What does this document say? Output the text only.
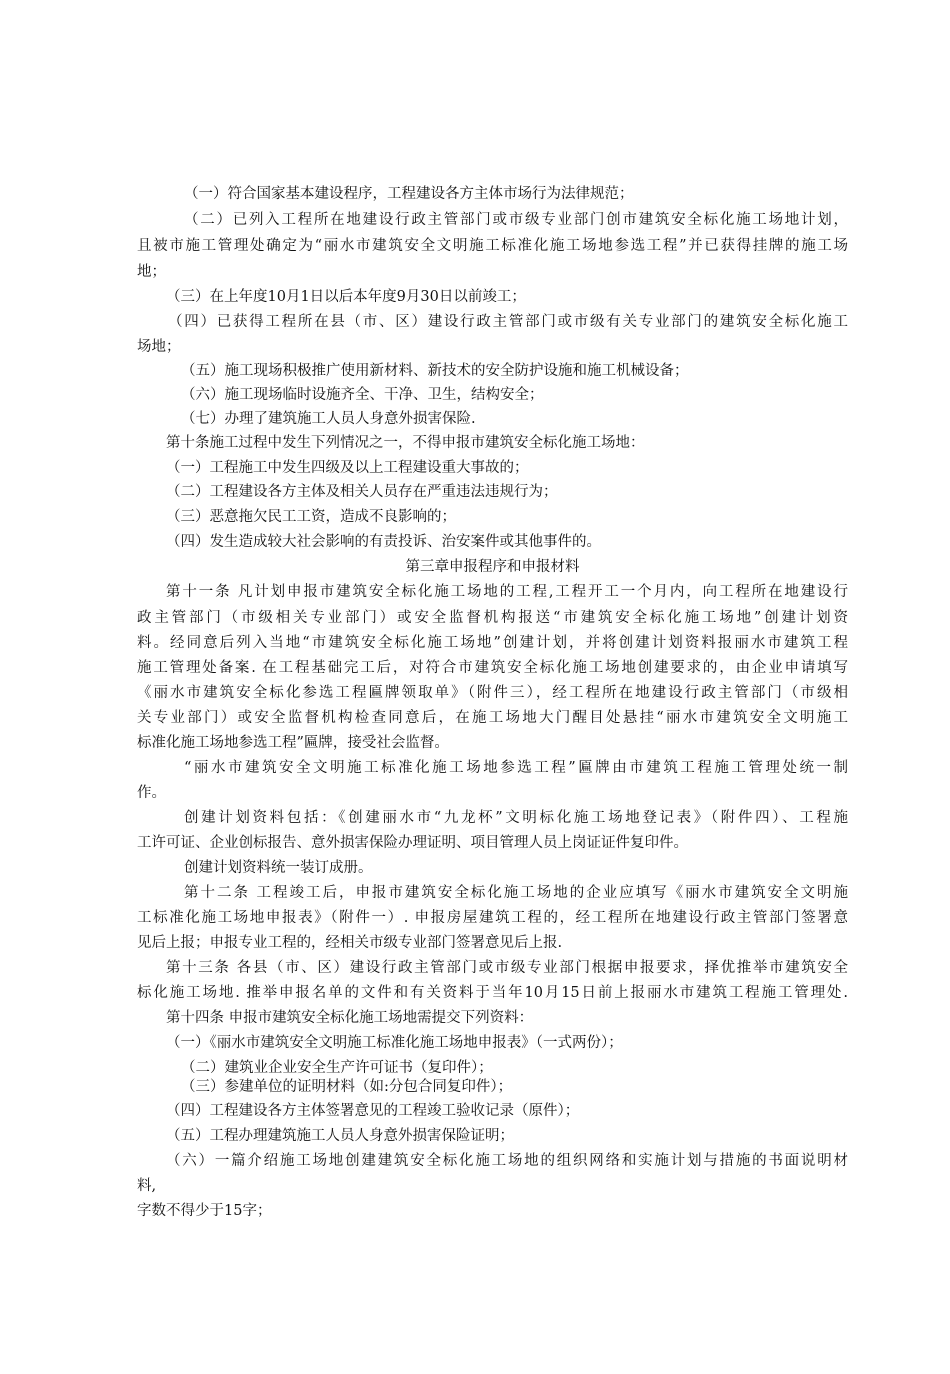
（一）符合国家基本建设程序，工程建设各方主体市场行为法律规范；
（二）已列入工程所在地建设行政主管部门或市级专业部门创市建筑安全标化施工场地计划，
且被市施工管理处确定为“丽水市建筑安全文明施工标准化施工场地参选工程”并已获得挂牌的施工场
地；
（三）在上年度10月1日以后本年度9月30日以前竣工；
（四）已获得工程所在县（市、区）建设行政主管部门或市级有关专业部门的建筑安全标化施工
场地；
（五）施工现场积极推广使用新材料、新技术的安全防护设施和施工机械设备；
（六）施工现场临时设施齐全、干净、卫生，结构安全；
（七）办理了建筑施工人员人身意外损害保险.
第十条施工过程中发生下列情况之一，不得申报市建筑安全标化施工场地：
（一）工程施工中发生四级及以上工程建设重大事故的；
（二）工程建设各方主体及相关人员存在严重违法违规行为；
（三）恶意拖欠民工工资，造成不良影响的；
（四）发生造成较大社会影响的有责投诉、治安案件或其他事件的。
第三章申报程序和申报材料
第十一条 凡计划申报市建筑安全标化施工场地的工程,工程开工一个月内，向工程所在地建设行
政主管部门（市级相关专业部门）或安全监督机构报送“市建筑安全标化施工场地”创建计划资
料。经同意后列入当地“市建筑安全标化施工场地”创建计划，并将创建计划资料报丽水市建筑工程
施工管理处备案. 在工程基础完工后，对符合市建筑安全标化施工场地创建要求的，由企业申请填写
《丽水市建筑安全标化参选工程匾牌领取单》（附件三），经工程所在地建设行政主管部门（市级相
关专业部门）或安全监督机构检查同意后，在施工场地大门醒目处悬挂“丽水市建筑安全文明施工
标准化施工场地参选工程”匾牌，接受社会监督。
“丽水市建筑安全文明施工标准化施工场地参选工程”匾牌由市建筑工程施工管理处统一制
作。
创建计划资料包括：《创建丽水市“九龙杯”文明标化施工场地登记表》（附件四）、工程施
工许可证、企业创标报告、意外损害保险办理证明、项目管理人员上岗证证件复印件。
创建计划资料统一装订成册。
第十二条 工程竣工后，申报市建筑安全标化施工场地的企业应填写《丽水市建筑安全文明施
工标准化施工场地申报表》（附件一）. 申报房屋建筑工程的，经工程所在地建设行政主管部门签署意
见后上报；申报专业工程的，经相关市级专业部门签署意见后上报.
第十三条 各县（市、区）建设行政主管部门或市级专业部门根据申报要求，择优推举市建筑安全
标化施工场地. 推举申报名单的文件和有关资料于当年10月15日前上报丽水市建筑工程施工管理处.
第十四条 申报市建筑安全标化施工场地需提交下列资料：
（一）《丽水市建筑安全文明施工标准化施工场地申报表》（一式两份）；
（二）建筑业企业安全生产许可证书（复印件）；
（三）参建单位的证明材料（如:分包合同复印件）；
（四）工程建设各方主体签署意见的工程竣工验收记录（原件）；
（五）工程办理建筑施工人员人身意外损害保险证明；
（六）一篇介绍施工场地创建建筑安全标化施工场地的组织网络和实施计划与措施的书面说明材
料,
字数不得少于15字；
